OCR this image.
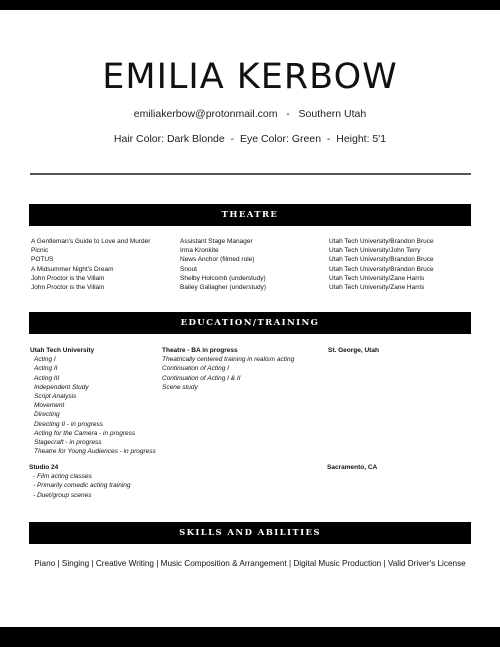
EMILIA KERBOW
emiliakerbow@protonmail.com - Southern Utah
Hair Color: Dark Blonde - Eye Color: Green - Height: 5'1
THEATRE
A Gentleman's Guide to Love and Murder
Picnic
POTUS
A Midsummer Night's Dream
John Proctor is the Villain
John Proctor is the Villain
Assistant Stage Manager
Irma Kronkite
News Anchor (filmed role)
Snout
Shelby Holcomb (understudy)
Bailey Gallagher (understudy)
Utah Tech University/Brandon Bruce
Utah Tech University/John Terry
Utah Tech University/Brandon Bruce
Utah Tech University/Brandon Bruce
Utah Tech University/Zane Harris
Utah Tech University/Zane Harris
EDUCATION/TRAINING
Utah Tech University
Acting I
Acting II
Acting III
Independent Study
Script Analysis
Movement
Directing
Directing II - in progress
Acting for the Camera - in progress
Stagecraft - in progress
Theatre for Young Audiences - in progress
Theatre - BA in progress
Theatrically centered training in realism acting
Continuation of Acting I
Continuation of Acting I & II
Scene study
St. George, Utah
Studio 24
- Film acting classes
- Primarily comedic acting training
- Duet/group scenes
Sacramento, CA
SKILLS AND ABILITIES
Piano | Singing | Creative Writing | Music Composition & Arrangement | Digital Music Production | Valid Driver's License
